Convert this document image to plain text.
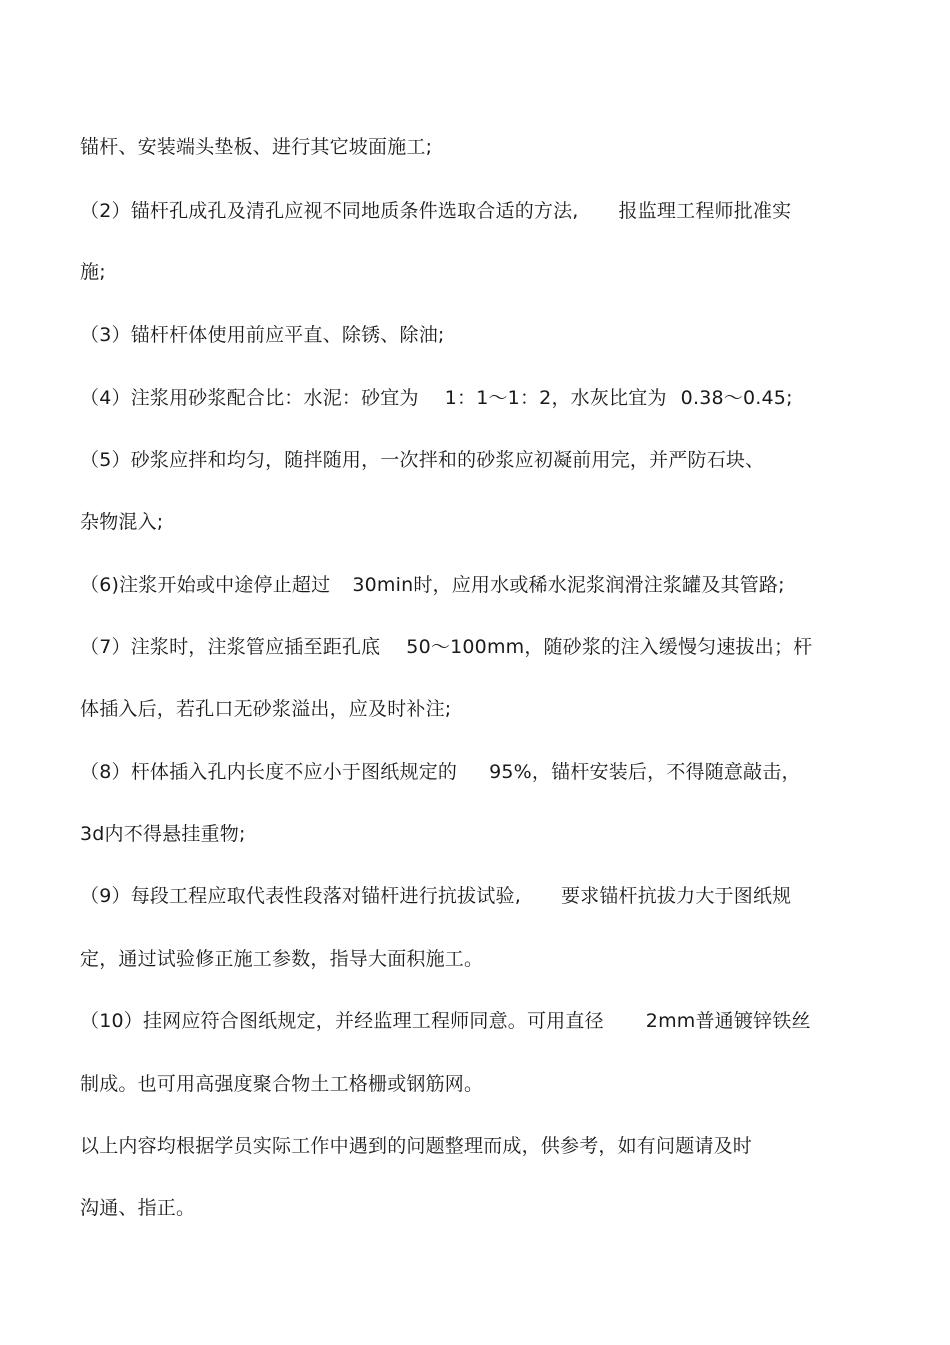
锚杆、安装端头垫板、进行其它坡面施工;
（2）锚杆孔成孔及清孔应视不同地质条件选取合适的方法, 报监理工程师批准实
施;
（3）锚杆杆体使用前应平直、除锈、除油;
（4）注浆用砂浆配合比：水泥：砂宜为 1：1～1：2，水灰比宜为 0.38～0.45;
（5）砂浆应拌和均匀，随拌随用，一次拌和的砂浆应初凝前用完，并严防石块、
杂物混入;
（6)注浆开始或中途停止超过 30min时，应用水或稀水泥浆润滑注浆罐及其管路;
（7）注浆时，注浆管应插至距孔底 50～100mm，随砂浆的注入缓慢匀速拔出；杆
体插入后，若孔口无砂浆溢出，应及时补注;
（8）杆体插入孔内长度不应小于图纸规定的 95%，锚杆安装后，不得随意敲击，
3d内不得悬挂重物;
（9）每段工程应取代表性段落对锚杆进行抗拔试验, 要求锚杆抗拔力大于图纸规
定，通过试验修正施工参数，指导大面积施工。
（10）挂网应符合图纸规定，并经监理工程师同意。可用直径 2mm普通镀锌铁丝
制成。也可用高强度聚合物土工格栅或钢筋网。
以上内容均根据学员实际工作中遇到的问题整理而成，供参考，如有问题请及时
沟通、指正。
